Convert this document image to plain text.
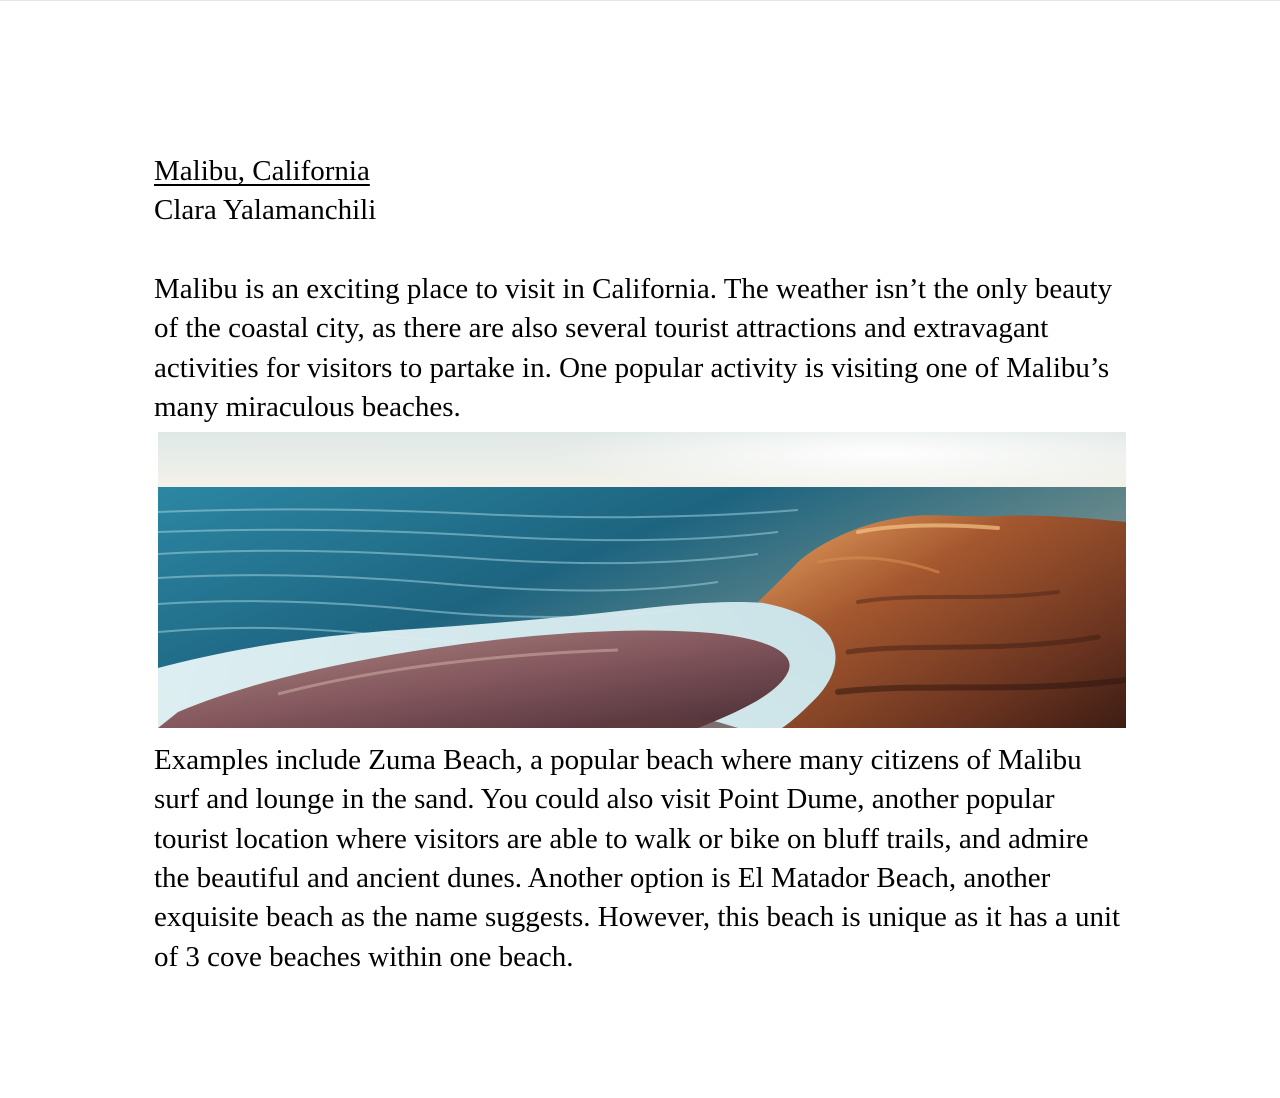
Malibu, California

Clara Yalamanchili

Malibu is an exciting place to visit in California. The weather isn’t the only beauty
of the coastal city, as there are also several tourist attractions and extravagant
activities for visitors to partake in. One popular activity is visiting one of Malibu’s
many miraculous beaches.

Examples include Zuma Beach, a popular beach where many citizens of Malibu
surf and lounge in the sand. You could also visit Point Dume, another popular
tourist location where visitors are able to walk or bike on bluff trails, and admire
the beautiful and ancient dunes. Another option is El Matador Beach, another
exquisite beach as the name suggests. However, this beach is unique as it has a unit
of 3 cove beaches within one beach.
